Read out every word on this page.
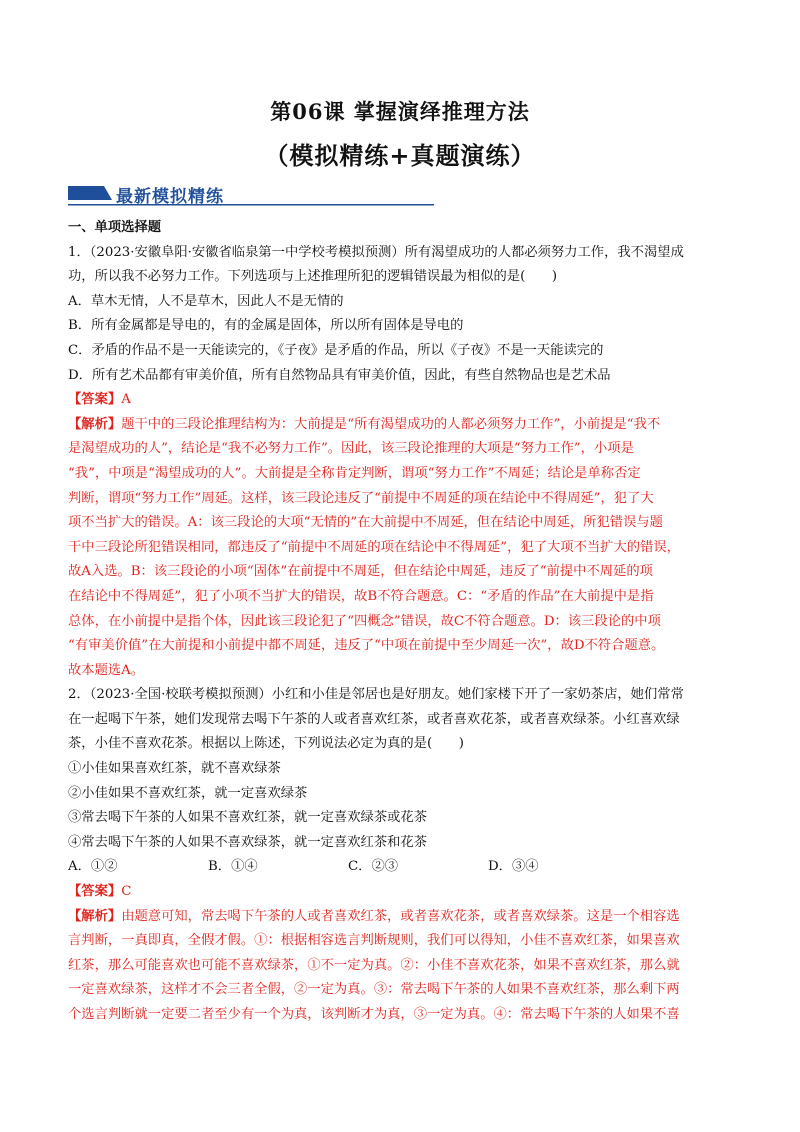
第06课 掌握演绎推理方法
（模拟精练+真题演练）
最新模拟精练
一、单项选择题
1．（2023·安徽阜阳·安徽省临泉第一中学校考模拟预测）所有渴望成功的人都必须努力工作，我不渴望成
功，所以我不必努力工作。下列选项与上述推理所犯的逻辑错误最为相似的是(　　)
A．草木无情，人不是草木，因此人不是无情的
B．所有金属都是导电的，有的金属是固体，所以所有固体是导电的
C．矛盾的作品不是一天能读完的，《子夜》是矛盾的作品，所以《子夜》不是一天能读完的
D．所有艺术品都有审美价值，所有自然物品具有审美价值，因此，有些自然物品也是艺术品
【答案】A
【解析】题干中的三段论推理结构为：大前提是“所有渴望成功的人都必须努力工作”，小前提是“我不
是渴望成功的人”，结论是“我不必努力工作”。因此，该三段论推理的大项是“努力工作”，小项是
“我”，中项是“渴望成功的人”。大前提是全称肯定判断，谓项“努力工作”不周延；结论是单称否定
判断，谓项“努力工作”周延。这样，该三段论违反了“前提中不周延的项在结论中不得周延”，犯了大
项不当扩大的错误。A：该三段论的大项“无情的”在大前提中不周延，但在结论中周延，所犯错误与题
干中三段论所犯错误相同，都违反了“前提中不周延的项在结论中不得周延”，犯了大项不当扩大的错误，
故A入选。B：该三段论的小项“固体”在前提中不周延，但在结论中周延，违反了“前提中不周延的项
在结论中不得周延”，犯了小项不当扩大的错误，故B不符合题意。C：“矛盾的作品”在大前提中是指
总体，在小前提中是指个体，因此该三段论犯了“四概念”错误，故C不符合题意。D：该三段论的中项
“有审美价值”在大前提和小前提中都不周延，违反了“中项在前提中至少周延一次”，故D不符合题意。
故本题选A。
2．（2023·全国·校联考模拟预测）小红和小佳是邻居也是好朋友。她们家楼下开了一家奶茶店，她们常常
在一起喝下午茶，她们发现常去喝下午茶的人或者喜欢红茶，或者喜欢花茶，或者喜欢绿茶。小红喜欢绿
茶，小佳不喜欢花茶。根据以上陈述，下列说法必定为真的是(　　)
①小佳如果喜欢红茶，就不喜欢绿茶
②小佳如果不喜欢红茶，就一定喜欢绿茶
③常去喝下午茶的人如果不喜欢红茶，就一定喜欢绿茶或花茶
④常去喝下午茶的人如果不喜欢绿茶，就一定喜欢红茶和花茶
A．①②	B．①④	C．②③	D．③④
【答案】C
【解析】由题意可知，常去喝下午茶的人或者喜欢红茶，或者喜欢花茶，或者喜欢绿茶。这是一个相容选
言判断，一真即真，全假才假。①：根据相容选言判断规则，我们可以得知，小佳不喜欢红茶，如果喜欢
红茶，那么可能喜欢也可能不喜欢绿茶，①不一定为真。②：小佳不喜欢花茶，如果不喜欢红茶，那么就
一定喜欢绿茶，这样才不会三者全假，②一定为真。③：常去喝下午茶的人如果不喜欢红茶，那么剩下两
个选言判断就一定要二者至少有一个为真，该判断才为真，③一定为真。④：常去喝下午茶的人如果不喜
